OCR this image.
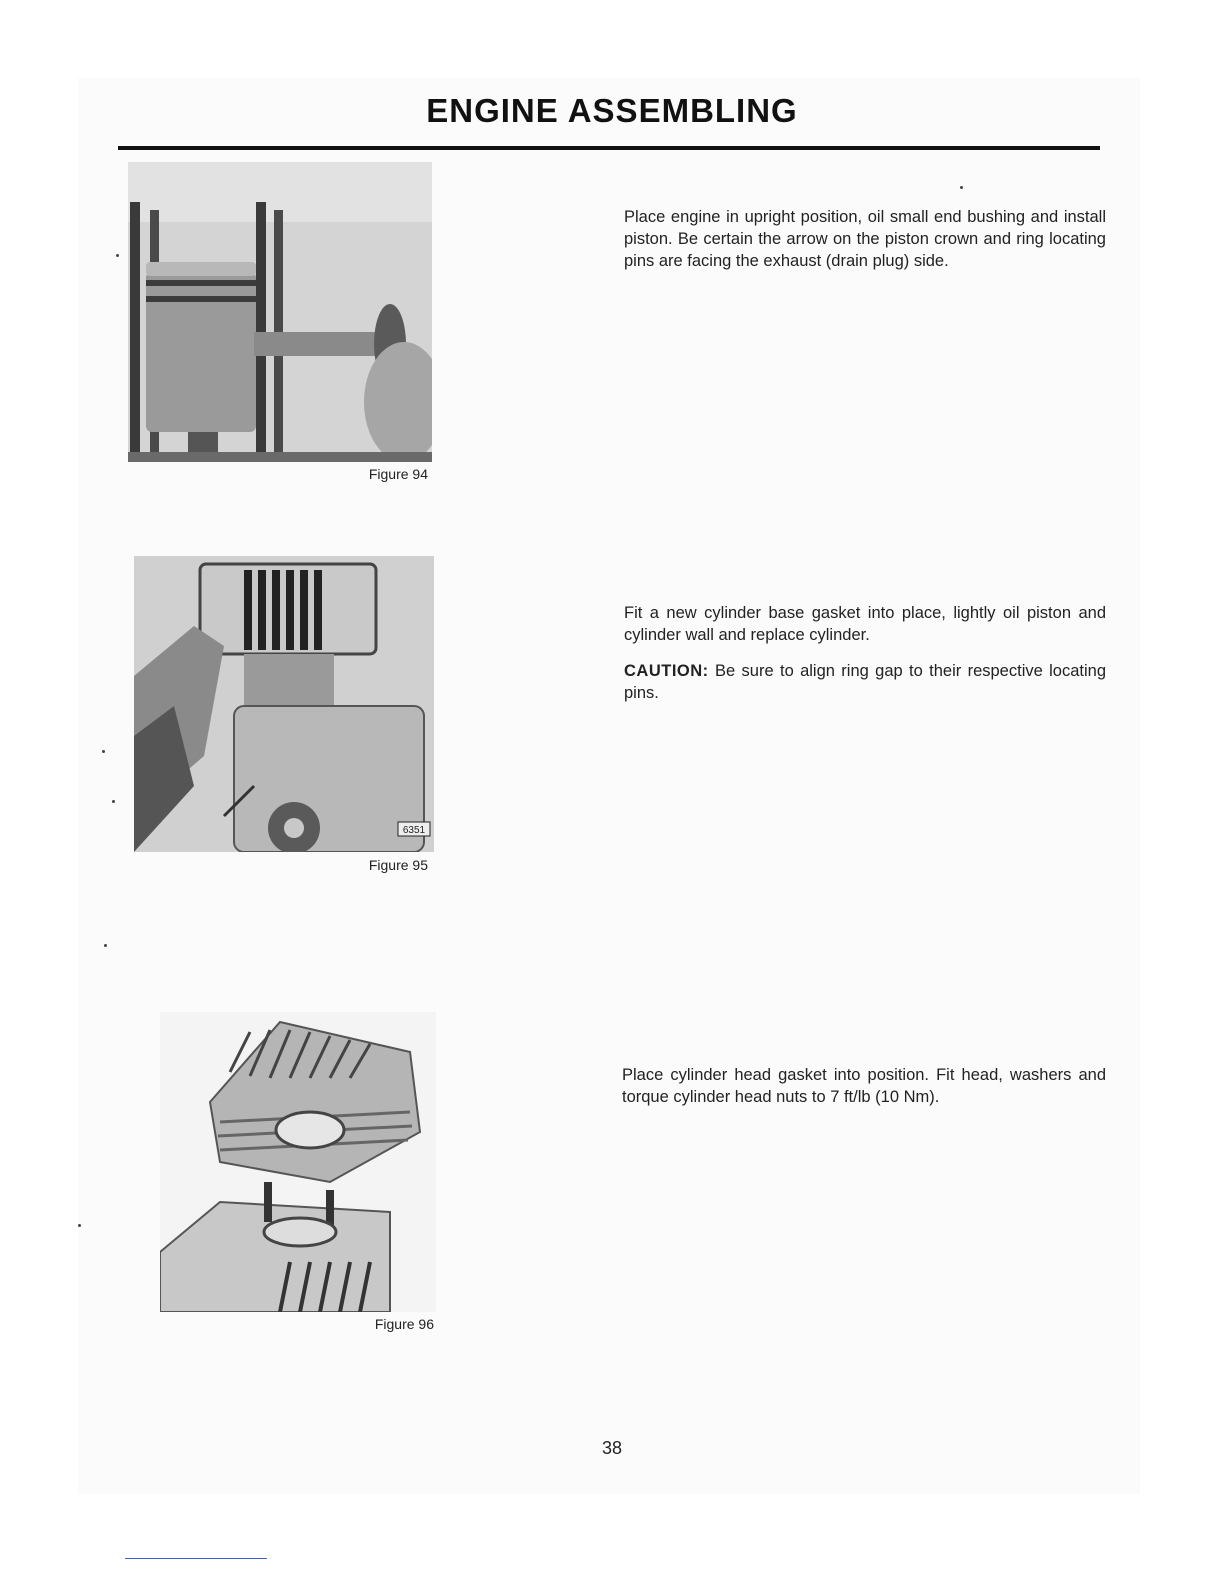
ENGINE ASSEMBLING
Figure 94

Place engine in upright position, oil small end bushing and install piston. Be certain the arrow on the piston crown and ring locating pins are facing the exhaust (drain plug) side.

6351
Figure 95

Fit a new cylinder base gasket into place, lightly oil piston and cylinder wall and replace cylinder.

CAUTION: Be sure to align ring gap to their respective locating pins.

Figure 96

Place cylinder head gasket into position. Fit head, washers and torque cylinder head nuts to 7 ft/lb (10 Nm).

38
